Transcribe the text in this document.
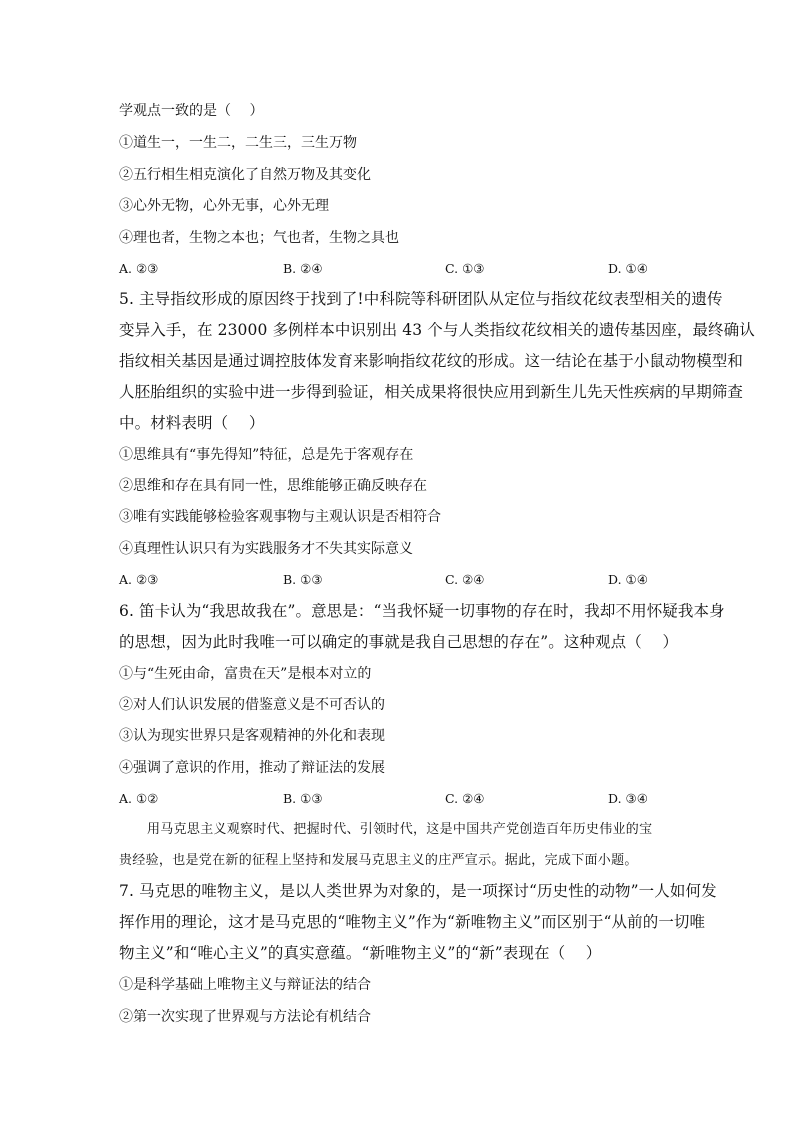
学观点一致的是（　 ）
①道生一，一生二，二生三，三生万物
②五行相生相克演化了自然万物及其变化
③心外无物，心外无事，心外无理
④理也者，生物之本也；气也者，生物之具也
A. ②③	B. ②④	C. ①③	D. ①④
5. 主导指纹形成的原因终于找到了!中科院等科研团队从定位与指纹花纹表型相关的遗传
变异入手，在 23000 多例样本中识别出 43 个与人类指纹花纹相关的遗传基因座，最终确认
指纹相关基因是通过调控肢体发育来影响指纹花纹的形成。这一结论在基于小鼠动物模型和
人胚胎组织的实验中进一步得到验证，相关成果将很快应用到新生儿先天性疾病的早期筛查
中。材料表明（　 ）
①思维具有“事先得知”特征，总是先于客观存在
②思维和存在具有同一性，思维能够正确反映存在
③唯有实践能够检验客观事物与主观认识是否相符合
④真理性认识只有为实践服务才不失其实际意义
A. ②③	B. ①③	C. ②④	D. ①④
6. 笛卡认为“我思故我在”。意思是：“当我怀疑一切事物的存在时，我却不用怀疑我本身
的思想，因为此时我唯一可以确定的事就是我自己思想的存在”。这种观点（　 ）
①与“生死由命，富贵在天”是根本对立的
②对人们认识发展的借鉴意义是不可否认的
③认为现实世界只是客观精神的外化和表现
④强调了意识的作用，推动了辩证法的发展
A. ①②	B. ①③	C. ②④	D. ③④
用马克思主义观察时代、把握时代、引领时代，这是中国共产党创造百年历史伟业的宝
贵经验，也是党在新的征程上坚持和发展马克思主义的庄严宣示。据此，完成下面小题。
7. 马克思的唯物主义，是以人类世界为对象的，是一项探讨“历史性的动物”一人如何发
挥作用的理论，这才是马克思的“唯物主义”作为“新唯物主义”而区别于“从前的一切唯
物主义”和“唯心主义”的真实意蕴。“新唯物主义”的“新”表现在（　 ）
①是科学基础上唯物主义与辩证法的结合
②第一次实现了世界观与方法论有机结合
